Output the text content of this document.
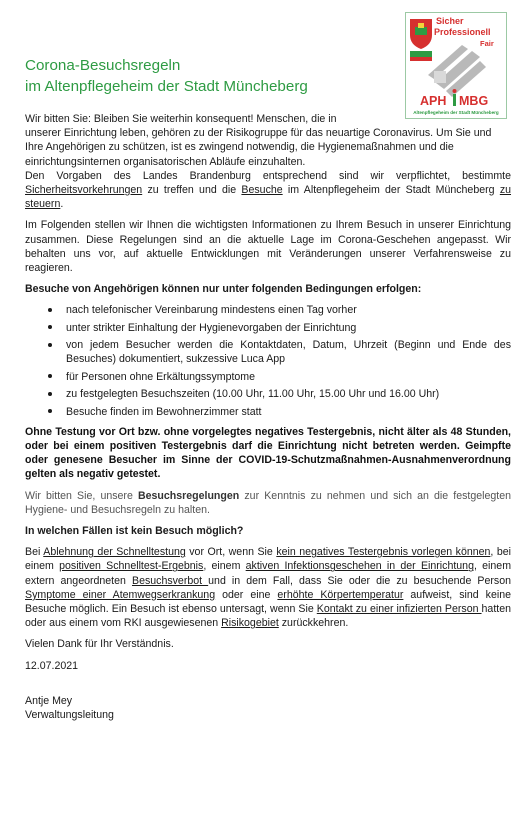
Corona-Besuchsregeln
im Altenpflegeheim der Stadt Müncheberg
Sicher
Professionell
Fair
APH MBG
Altenpflegeheim der Stadt Müncheberg

Wir bitten Sie: Bleiben Sie weiterhin konsequent! Menschen, die in
unserer Einrichtung leben, gehören zu der Risikogruppe für das neuartige Coronavirus. Um Sie und Ihre Angehörigen zu schützen, ist es zwingend notwendig, die Hygienemaßnahmen und die einrichtungsinternen organisatorischen Abläufe einzuhalten.

Den Vorgaben des Landes Brandenburg entsprechend sind wir verpflichtet, bestimmte Sicherheitsvorkehrungen zu treffen und die Besuche im Altenpflegeheim der Stadt Müncheberg zu steuern.

Im Folgenden stellen wir Ihnen die wichtigsten Informationen zu Ihrem Besuch in unserer Einrichtung zusammen. Diese Regelungen sind an die aktuelle Lage im Corona-Geschehen angepasst. Wir behalten uns vor, auf aktuelle Entwicklungen mit Veränderungen unserer Verfahrensweise zu reagieren.

Besuche von Angehörigen können nur unter folgenden Bedingungen erfolgen:

nach telefonischer Vereinbarung mindestens einen Tag vorher
unter strikter Einhaltung der Hygienevorgaben der Einrichtung
von jedem Besucher werden die Kontaktdaten, Datum, Uhrzeit (Beginn und Ende des Besuches) dokumentiert, sukzessive Luca App
für Personen ohne Erkältungssymptome
zu festgelegten Besuchszeiten (10.00 Uhr, 11.00 Uhr, 15.00 Uhr und 16.00 Uhr)
Besuche finden im Bewohnerzimmer statt

Ohne Testung vor Ort bzw. ohne vorgelegtes negatives Testergebnis, nicht älter als 48 Stunden, oder bei einem positiven Testergebnis darf die Einrichtung nicht betreten werden. Geimpfte oder genesene Besucher im Sinne der COVID-19-Schutzmaßnahmen-Ausnahmenverordnung gelten als negativ getestet.

Wir bitten Sie, unsere Besuchsregelungen zur Kenntnis zu nehmen und sich an die festgelegten Hygiene- und Besuchsregeln zu halten.

In welchen Fällen ist kein Besuch möglich?

Bei Ablehnung der Schnelltestung vor Ort, wenn Sie kein negatives Testergebnis vorlegen können, bei einem positiven Schnelltest-Ergebnis, einem aktiven Infektionsgeschehen in der Einrichtung, einem extern angeordneten Besuchsverbot und in dem Fall, dass Sie oder die zu besuchende Person Symptome einer Atemwegserkrankung oder eine erhöhte Körpertemperatur aufweist, sind keine Besuche möglich. Ein Besuch ist ebenso untersagt, wenn Sie Kontakt zu einer infizierten Person hatten oder aus einem vom RKI ausgewiesenen Risikogebiet zurückkehren.

Vielen Dank für Ihr Verständnis.

12.07.2021

Antje Mey

Verwaltungsleitung
